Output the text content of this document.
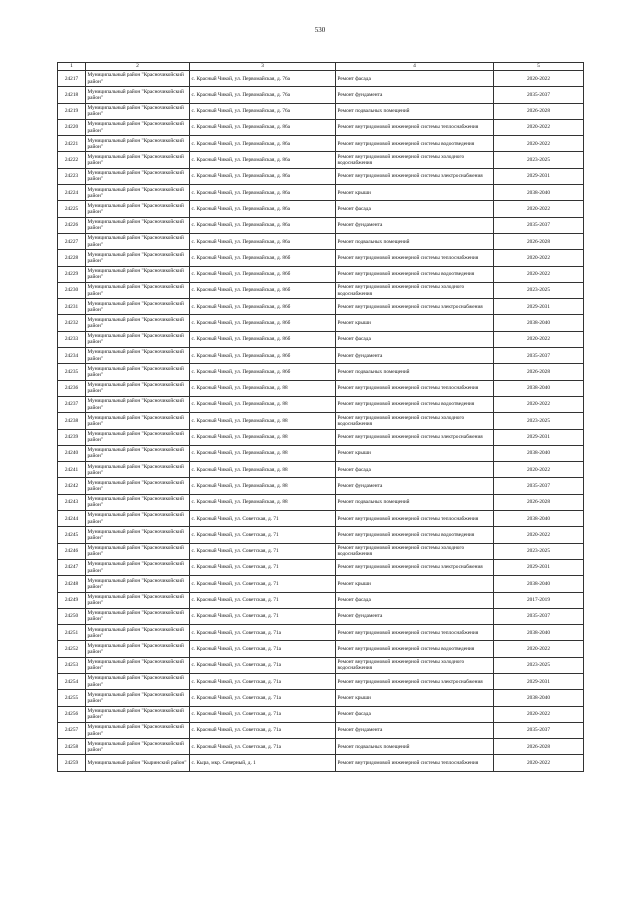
530
1	2	3	4	5
24217	Муниципальный район "Красночикойский район"	с. Красный Чикой, ул. Первомайская, д. 76а	Ремонт фасада	2020-2022
24218	Муниципальный район "Красночикойский район"	с. Красный Чикой, ул. Первомайская, д. 76а	Ремонт фундамента	2035-2037
24219	Муниципальный район "Красночикойский район"	с. Красный Чикой, ул. Первомайская, д. 76а	Ремонт подвальных помещений	2026-2028
24220	Муниципальный район "Красночикойский район"	с. Красный Чикой, ул. Первомайская, д. 86а	Ремонт внутридомовой инженерной системы теплоснабжения	2020-2022
24221	Муниципальный район "Красночикойский район"	с. Красный Чикой, ул. Первомайская, д. 86а	Ремонт внутридомовой инженерной системы водоотведения	2020-2022
24222	Муниципальный район "Красночикойский район"	с. Красный Чикой, ул. Первомайская, д. 86а	Ремонт внутридомовой инженерной системы холодного водоснабжения	2023-2025
24223	Муниципальный район "Красночикойский район"	с. Красный Чикой, ул. Первомайская, д. 86а	Ремонт внутридомовой инженерной системы электроснабжения	2029-2031
24224	Муниципальный район "Красночикойский район"	с. Красный Чикой, ул. Первомайская, д. 86а	Ремонт крыши	2038-2040
24225	Муниципальный район "Красночикойский район"	с. Красный Чикой, ул. Первомайская, д. 86а	Ремонт фасада	2020-2022
24226	Муниципальный район "Красночикойский район"	с. Красный Чикой, ул. Первомайская, д. 86а	Ремонт фундамента	2035-2037
24227	Муниципальный район "Красночикойский район"	с. Красный Чикой, ул. Первомайская, д. 86а	Ремонт подвальных помещений	2026-2028
24228	Муниципальный район "Красночикойский район"	с. Красный Чикой, ул. Первомайская, д. 86б	Ремонт внутридомовой инженерной системы теплоснабжения	2020-2022
24229	Муниципальный район "Красночикойский район"	с. Красный Чикой, ул. Первомайская, д. 86б	Ремонт внутридомовой инженерной системы водоотведения	2020-2022
24230	Муниципальный район "Красночикойский район"	с. Красный Чикой, ул. Первомайская, д. 86б	Ремонт внутридомовой инженерной системы холодного водоснабжения	2023-2025
24231	Муниципальный район "Красночикойский район"	с. Красный Чикой, ул. Первомайская, д. 86б	Ремонт внутридомовой инженерной системы электроснабжения	2029-2031
24232	Муниципальный район "Красночикойский район"	с. Красный Чикой, ул. Первомайская, д. 86б	Ремонт крыши	2038-2040
24233	Муниципальный район "Красночикойский район"	с. Красный Чикой, ул. Первомайская, д. 86б	Ремонт фасада	2020-2022
24234	Муниципальный район "Красночикойский район"	с. Красный Чикой, ул. Первомайская, д. 86б	Ремонт фундамента	2035-2037
24235	Муниципальный район "Красночикойский район"	с. Красный Чикой, ул. Первомайская, д. 86б	Ремонт подвальных помещений	2026-2028
24236	Муниципальный район "Красночикойский район"	с. Красный Чикой, ул. Первомайская, д. 88	Ремонт внутридомовой инженерной системы теплоснабжения	2038-2040
24237	Муниципальный район "Красночикойский район"	с. Красный Чикой, ул. Первомайская, д. 88	Ремонт внутридомовой инженерной системы водоотведения	2020-2022
24238	Муниципальный район "Красночикойский район"	с. Красный Чикой, ул. Первомайская, д. 88	Ремонт внутридомовой инженерной системы холодного водоснабжения	2023-2025
24239	Муниципальный район "Красночикойский район"	с. Красный Чикой, ул. Первомайская, д. 88	Ремонт внутридомовой инженерной системы электроснабжения	2029-2031
24240	Муниципальный район "Красночикойский район"	с. Красный Чикой, ул. Первомайская, д. 88	Ремонт крыши	2038-2040
24241	Муниципальный район "Красночикойский район"	с. Красный Чикой, ул. Первомайская, д. 88	Ремонт фасада	2020-2022
24242	Муниципальный район "Красночикойский район"	с. Красный Чикой, ул. Первомайская, д. 88	Ремонт фундамента	2035-2037
24243	Муниципальный район "Красночикойский район"	с. Красный Чикой, ул. Первомайская, д. 88	Ремонт подвальных помещений	2026-2028
24244	Муниципальный район "Красночикойский район"	с. Красный Чикой, ул. Советская, д. 71	Ремонт внутридомовой инженерной системы теплоснабжения	2038-2040
24245	Муниципальный район "Красночикойский район"	с. Красный Чикой, ул. Советская, д. 71	Ремонт внутридомовой инженерной системы водоотведения	2020-2022
24246	Муниципальный район "Красночикойский район"	с. Красный Чикой, ул. Советская, д. 71	Ремонт внутридомовой инженерной системы холодного водоснабжения	2023-2025
24247	Муниципальный район "Красночикойский район"	с. Красный Чикой, ул. Советская, д. 71	Ремонт внутридомовой инженерной системы электроснабжения	2029-2031
24248	Муниципальный район "Красночикойский район"	с. Красный Чикой, ул. Советская, д. 71	Ремонт крыши	2038-2040
24249	Муниципальный район "Красночикойский район"	с. Красный Чикой, ул. Советская, д. 71	Ремонт фасада	2017-2019
24250	Муниципальный район "Красночикойский район"	с. Красный Чикой, ул. Советская, д. 71	Ремонт фундамента	2035-2037
24251	Муниципальный район "Красночикойский район"	с. Красный Чикой, ул. Советская, д. 71а	Ремонт внутридомовой инженерной системы теплоснабжения	2038-2040
24252	Муниципальный район "Красночикойский район"	с. Красный Чикой, ул. Советская, д. 71а	Ремонт внутридомовой инженерной системы водоотведения	2020-2022
24253	Муниципальный район "Красночикойский район"	с. Красный Чикой, ул. Советская, д. 71а	Ремонт внутридомовой инженерной системы холодного водоснабжения	2023-2025
24254	Муниципальный район "Красночикойский район"	с. Красный Чикой, ул. Советская, д. 71а	Ремонт внутридомовой инженерной системы электроснабжения	2029-2031
24255	Муниципальный район "Красночикойский район"	с. Красный Чикой, ул. Советская, д. 71а	Ремонт крыши	2038-2040
24256	Муниципальный район "Красночикойский район"	с. Красный Чикой, ул. Советская, д. 71а	Ремонт фасада	2020-2022
24257	Муниципальный район "Красночикойский район"	с. Красный Чикой, ул. Советская, д. 71а	Ремонт фундамента	2035-2037
24258	Муниципальный район "Красночикойский район"	с. Красный Чикой, ул. Советская, д. 71а	Ремонт подвальных помещений	2026-2028
24259	Муниципальный район "Кыринский район"	с. Кыра, мкр. Северный, д. 1	Ремонт внутридомовой инженерной системы теплоснабжения	2020-2022
